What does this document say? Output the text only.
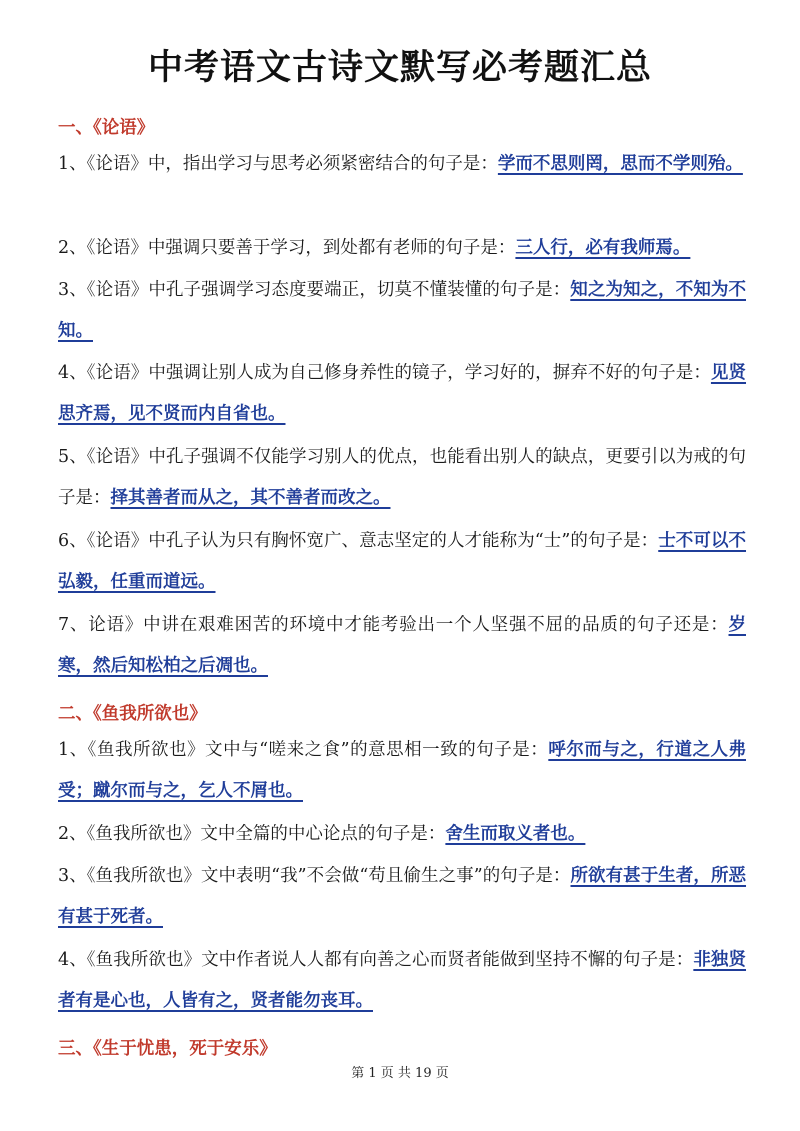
中考语文古诗文默写必考题汇总
一、《论语》
1、《论语》中，指出学习与思考必须紧密结合的句子是：学而不思则罔，思而不学则殆。
2、《论语》中强调只要善于学习，到处都有老师的句子是：三人行，必有我师焉。
3、《论语》中孔子强调学习态度要端正，切莫不懂装懂的句子是：知之为知之，不知为不知。
4、《论语》中强调让别人成为自己修身养性的镜子，学习好的，摒弃不好的句子是：见贤思齐焉，见不贤而内自省也。
5、《论语》中孔子强调不仅能学习别人的优点，也能看出别人的缺点，更要引以为戒的句子是：择其善者而从之，其不善者而改之。
6、《论语》中孔子认为只有胸怀宽广、意志坚定的人才能称为“士”的句子是：士不可以不弘毅，任重而道远。
7、论语》中讲在艰难困苦的环境中才能考验出一个人坚强不屈的品质的句子还是：岁寒，然后知松柏之后凋也。
二、《鱼我所欲也》
1、《鱼我所欲也》文中与“嗟来之食”的意思相一致的句子是：呼尔而与之，行道之人弗受；蹴尔而与之，乞人不屑也。
2、《鱼我所欲也》文中全篇的中心论点的句子是：舍生而取义者也。
3、《鱼我所欲也》文中表明“我”不会做“苟且偷生之事”的句子是：所欲有甚于生者，所恶有甚于死者。
4、《鱼我所欲也》文中作者说人人都有向善之心而贤者能做到坚持不懈的句子是：非独贤者有是心也，人皆有之，贤者能勿丧耳。
三、《生于忧患，死于安乐》
第 1 页 共 19 页
